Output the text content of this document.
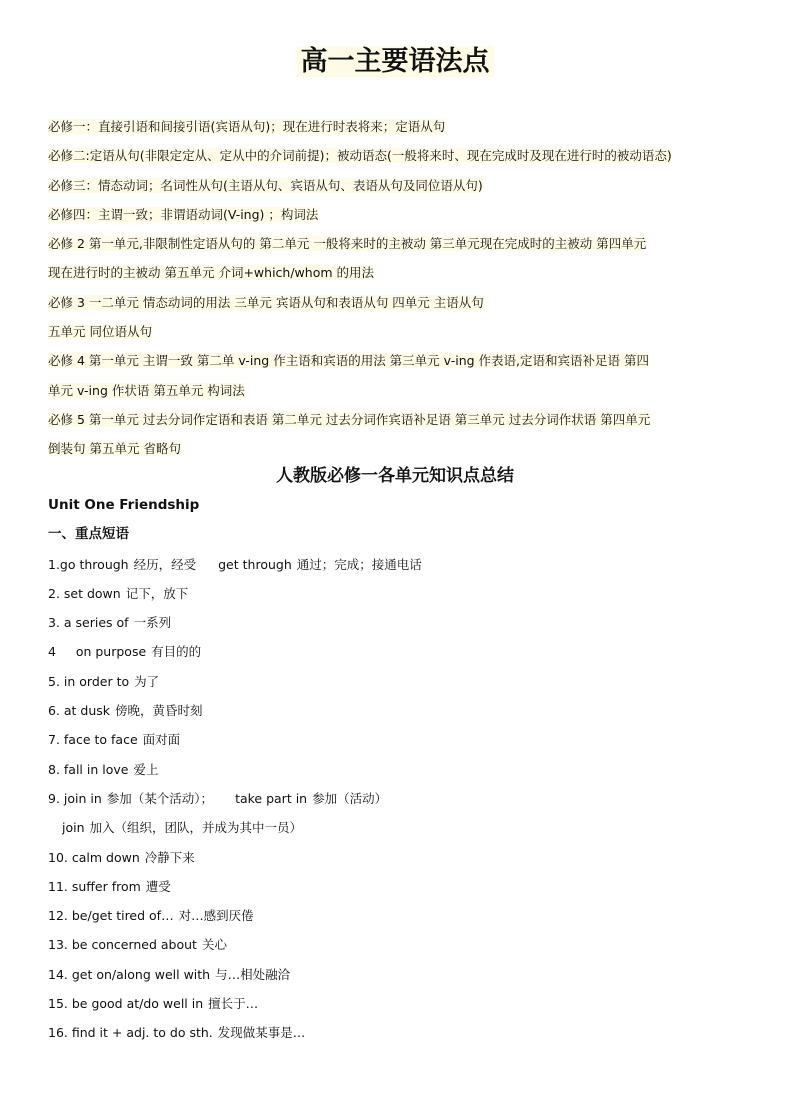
高一主要语法点
必修一：直接引语和间接引语(宾语从句)；现在进行时表将来；定语从句
必修二:定语从句(非限定定从、定从中的介词前提)；被动语态(一般将来时、现在完成时及现在进行时的被动语态)
必修三：情态动词；名词性从句(主语从句、宾语从句、表语从句及同位语从句)
必修四：主谓一致；非谓语动词(V-ing) ；构词法
必修 2 第一单元,非限制性定语从句的 第二单元 一般将来时的主被动 第三单元现在完成时的主被动 第四单元
现在进行时的主被动 第五单元 介词+which/whom 的用法
必修 3 一二单元 情态动词的用法 三单元 宾语从句和表语从句 四单元 主语从句
五单元 同位语从句
必修 4 第一单元 主谓一致 第二单 v-ing 作主语和宾语的用法 第三单元 v-ing 作表语,定语和宾语补足语 第四
单元 v-ing 作状语 第五单元 构词法
必修 5 第一单元 过去分词作定语和表语 第二单元 过去分词作宾语补足语 第三单元 过去分词作状语 第四单元
倒装句 第五单元 省略句
人教版必修一各单元知识点总结
Unit One Friendship
一、重点短语
1.go through 经历，经受 get through 通过；完成；接通电话
2. set down 记下，放下
3. a series of 一系列
4     on purpose 有目的的
5. in order to 为了
6. at dusk 傍晚，黄昏时刻
7. face to face 面对面
8. fall in love 爱上
9. join in 参加（某个活动）； take part in 参加（活动）
join 加入（组织，团队，并成为其中一员）
10. calm down 冷静下来
11. suffer from 遭受
12. be/get tired of… 对…感到厌倦
13. be concerned about 关心
14. get on/along well with 与…相处融洽
15. be good at/do well in 擅长于…
16. find it + adj. to do sth. 发现做某事是…
